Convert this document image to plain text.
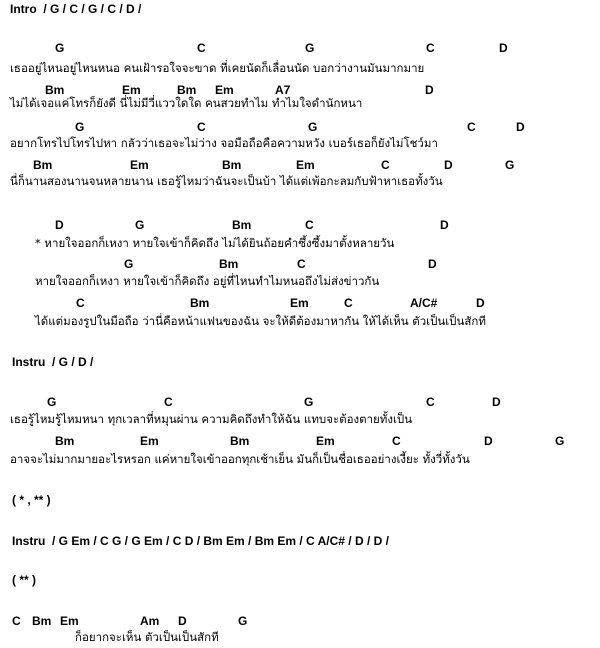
Intro  / G / C / G / C / D /
G	C	G	C	D
เธออยู่ไหนอยู่ไหนหนอ คนเฝ้ารอใจจะขาด ที่เคยนัดก็เลื่อนนัด บอกว่างานมันมากมาย
Bm	Em	Bm Em	A7	D
ไม่ได้เจอแค่โทรก็ยังดี นี่ไม่มีวี่แววใดใด คนสวยทำไม ทำไมใจดำนักหนา
G	C	G	C	D
อยากโทรไปโทรไปหา กลัวว่าเธอจะไม่ว่าง จอมือถือคือความหวัง เบอร์เธอก็ยังไม่โชว์มา
Bm	Em	Bm	Em	C	D	G
นี่ก็นานสองนานจนหลายนาน เธอรู้ไหมว่าฉันจะเป็นบ้า ได้แต่เพ้อกะลมกับฟ้าหาเธอทั้งวัน
D	G	Bm	C	D
* หายใจออกก็เหงา หายใจเข้าก็คิดถึง ไม่ได้ยินถ้อยคำซึ้งซึ้งมาตั้งหลายวัน
G	Bm	C	D
หายใจออกก็เหงา หายใจเข้าก็คิดถึง อยู่ที่ไหนทำไมหนอถึงไม่ส่งข่าวกัน
C	Bm	Em	C	A/C#	D
ได้แต่มองรูปในมือถือ ว่านี่คือหน้าแฟนของฉัน จะให้ดีต้องมาหากัน ให้ได้เห็น ตัวเป็นเป็นสักที
Instru  / G / D /
G	C	G	C	D
เธอรู้ไหมรู้ไหมหนา ทุกเวลาที่หมุนผ่าน ความคิดถึงทำให้ฉัน แทบจะต้องตายทั้งเป็น
Bm	Em	Bm	Em	C	D	G
อาจจะไม่มากมายอะไรหรอก แค่หายใจเข้าออกทุกเช้าเย็น มันก็เป็นชื่อเธออย่างเงี้ยะ ทั้งวี่ทั้งวัน
( * , ** )
Instru  / G Em / C G / G Em / C D / Bm Em / Bm Em / C A/C# / D / D /
( ** )
C Bm Em	Am D	G
ก็อยากจะเห็น ตัวเป็นเป็นสักที
